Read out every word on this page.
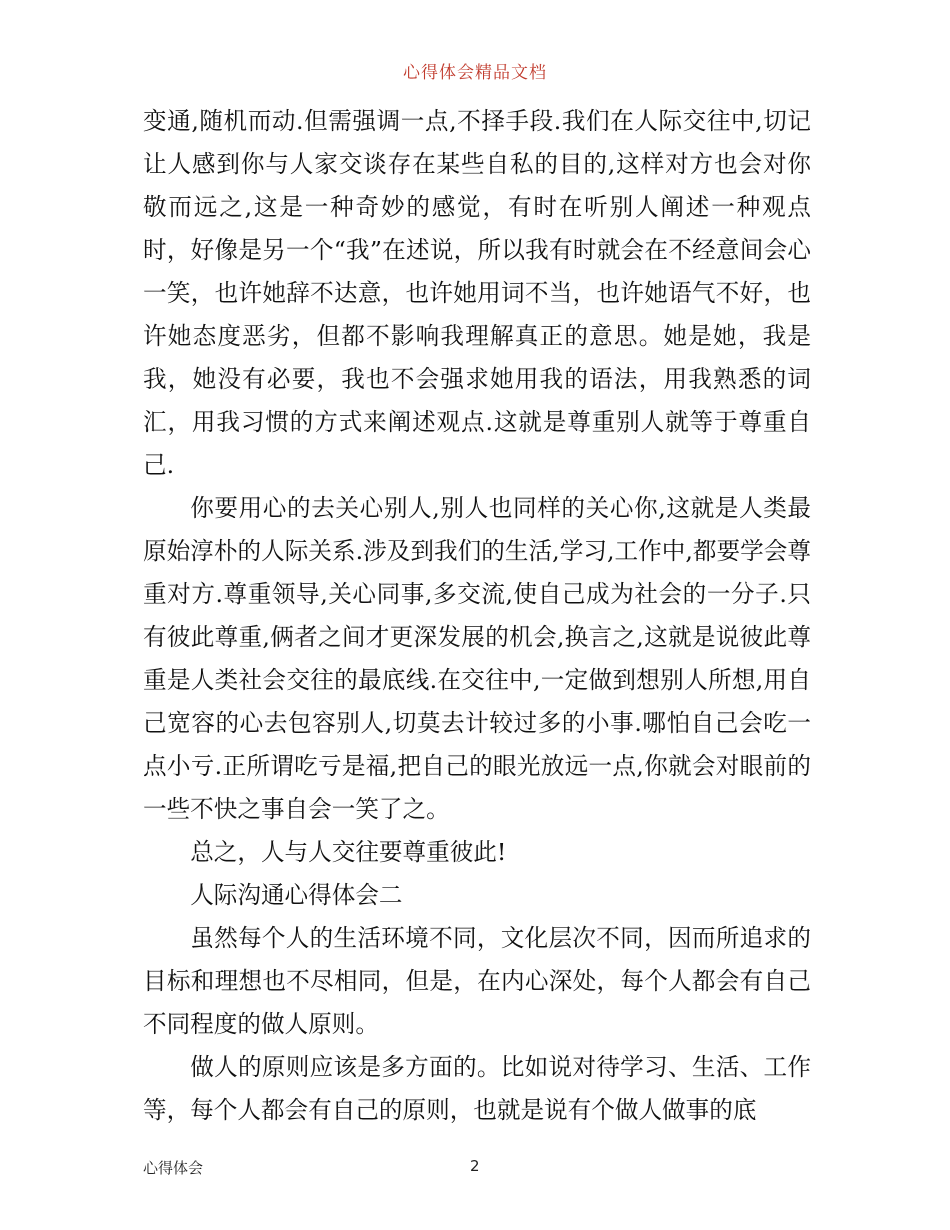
心得体会精品文档

变通,随机而动.但需强调一点,不择手段.我们在人际交往中,切记让人感到你与人家交谈存在某些自私的目的,这样对方也会对你敬而远之,这是一种奇妙的感觉，有时在听别人阐述一种观点时，好像是另一个“我”在述说，所以我有时就会在不经意间会心一笑，也许她辞不达意，也许她用词不当，也许她语气不好，也许她态度恶劣，但都不影响我理解真正的意思。她是她，我是我，她没有必要，我也不会强求她用我的语法，用我熟悉的词汇，用我习惯的方式来阐述观点.这就是尊重别人就等于尊重自己.

你要用心的去关心别人,别人也同样的关心你,这就是人类最原始淳朴的人际关系.涉及到我们的生活,学习,工作中,都要学会尊重对方.尊重领导,关心同事,多交流,使自己成为社会的一分子.只有彼此尊重,俩者之间才更深发展的机会,换言之,这就是说彼此尊重是人类社会交往的最底线.在交往中,一定做到想别人所想,用自己宽容的心去包容别人,切莫去计较过多的小事.哪怕自己会吃一点小亏.正所谓吃亏是福,把自己的眼光放远一点,你就会对眼前的一些不快之事自会一笑了之。

总之，人与人交往要尊重彼此!

人际沟通心得体会二

虽然每个人的生活环境不同，文化层次不同，因而所追求的目标和理想也不尽相同，但是，在内心深处，每个人都会有自己不同程度的做人原则。

做人的原则应该是多方面的。比如说对待学习、生活、工作等，每个人都会有自己的原则，也就是说有个做人做事的底

心得体会	2
